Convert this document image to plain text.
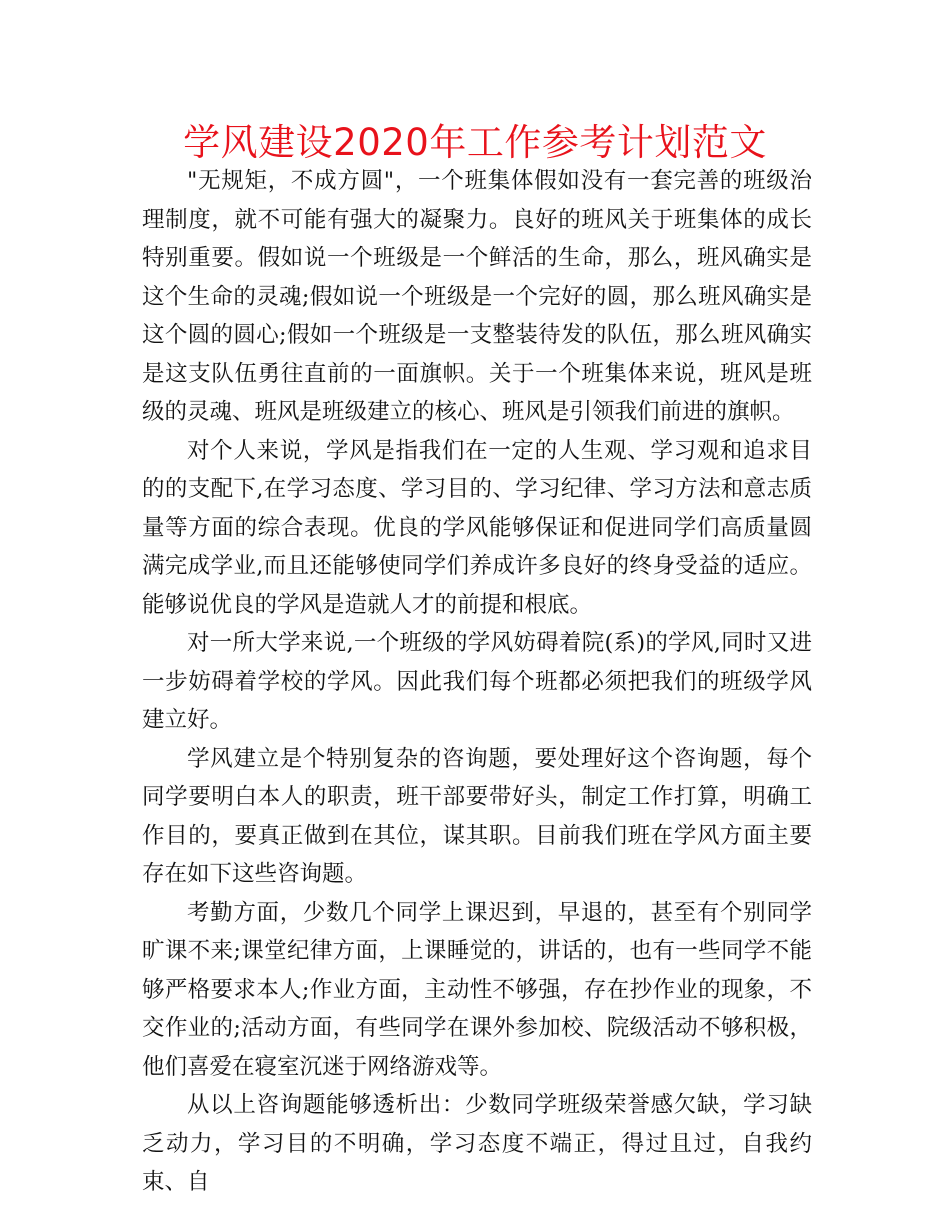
学风建设2020年工作参考计划范文

"无规矩，不成方圆"，一个班集体假如没有一套完善的班级治理制度，就不可能有强大的凝聚力。良好的班风关于班集体的成长特别重要。假如说一个班级是一个鲜活的生命，那么，班风确实是这个生命的灵魂;假如说一个班级是一个完好的圆，那么班风确实是这个圆的圆心;假如一个班级是一支整装待发的队伍，那么班风确实是这支队伍勇往直前的一面旗帜。关于一个班集体来说，班风是班级的灵魂、班风是班级建立的核心、班风是引领我们前进的旗帜。

对个人来说，学风是指我们在一定的人生观、学习观和追求目的的支配下,在学习态度、学习目的、学习纪律、学习方法和意志质量等方面的综合表现。优良的学风能够保证和促进同学们高质量圆满完成学业,而且还能够使同学们养成许多良好的终身受益的适应。能够说优良的学风是造就人才的前提和根底。

对一所大学来说,一个班级的学风妨碍着院(系)的学风,同时又进一步妨碍着学校的学风。因此我们每个班都必须把我们的班级学风建立好。

学风建立是个特别复杂的咨询题，要处理好这个咨询题，每个同学要明白本人的职责，班干部要带好头，制定工作打算，明确工作目的，要真正做到在其位，谋其职。目前我们班在学风方面主要存在如下这些咨询题。

考勤方面，少数几个同学上课迟到，早退的，甚至有个别同学旷课不来;课堂纪律方面，上课睡觉的，讲话的，也有一些同学不能够严格要求本人;作业方面，主动性不够强，存在抄作业的现象，不交作业的;活动方面，有些同学在课外参加校、院级活动不够积极，他们喜爱在寝室沉迷于网络游戏等。

从以上咨询题能够透析出：少数同学班级荣誉感欠缺，学习缺乏动力，学习目的不明确，学习态度不端正，得过且过，自我约束、自
